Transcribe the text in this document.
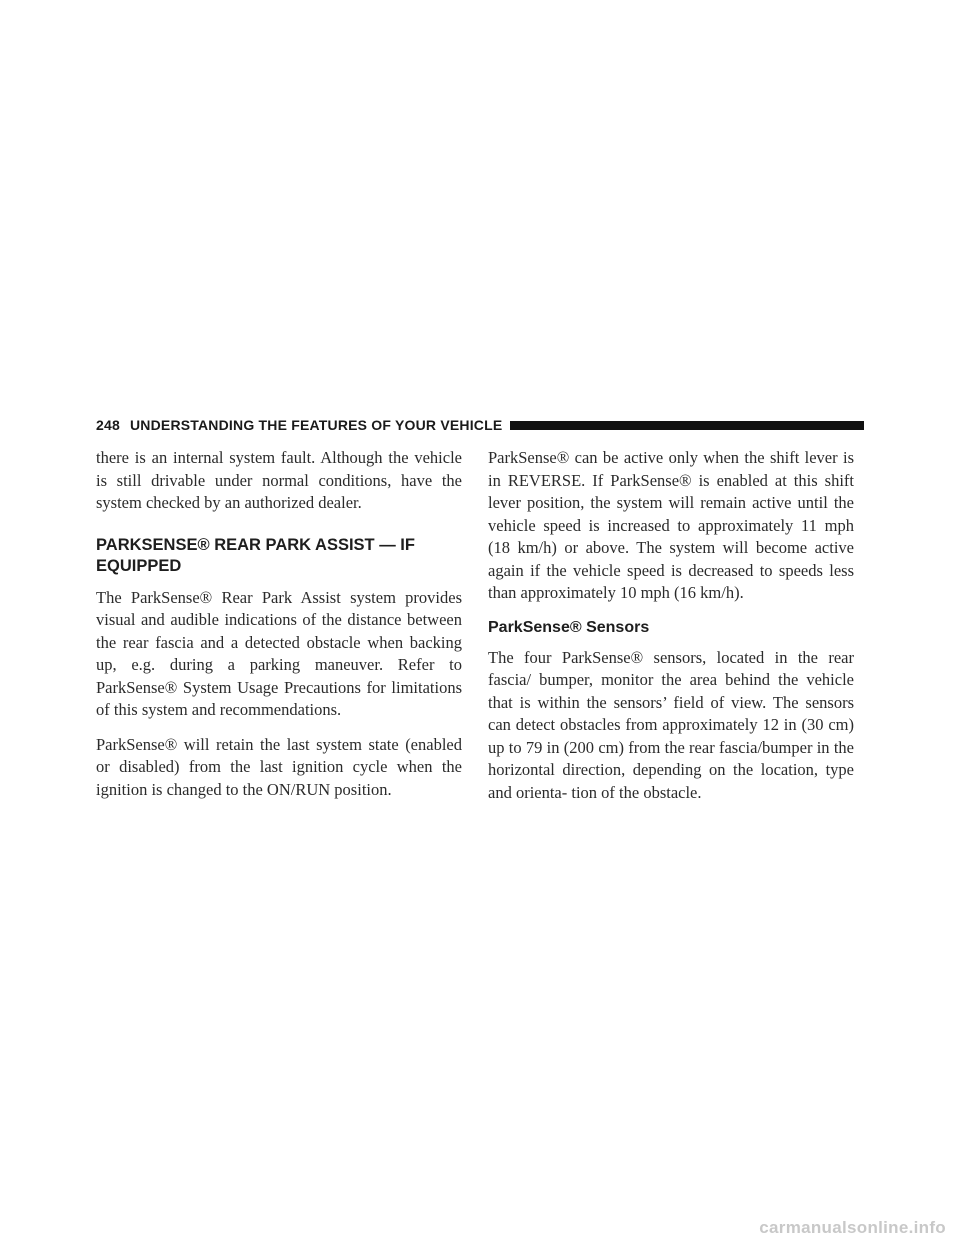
248 UNDERSTANDING THE FEATURES OF YOUR VEHICLE

there is an internal system fault. Although the vehicle is still drivable under normal conditions, have the system checked by an authorized dealer.

PARKSENSE® REAR PARK ASSIST — IF EQUIPPED

The ParkSense® Rear Park Assist system provides visual and audible indications of the distance between the rear fascia and a detected obstacle when backing up, e.g. during a parking maneuver. Refer to ParkSense® System Usage Precautions for limitations of this system and recommendations.

ParkSense® will retain the last system state (enabled or disabled) from the last ignition cycle when the ignition is changed to the ON/RUN position.

ParkSense® can be active only when the shift lever is in REVERSE. If ParkSense® is enabled at this shift lever position, the system will remain active until the vehicle speed is increased to approximately 11 mph (18 km/h) or above. The system will become active again if the vehicle speed is decreased to speeds less than approximately 10 mph (16 km/h).

ParkSense® Sensors

The four ParkSense® sensors, located in the rear fascia/ bumper, monitor the area behind the vehicle that is within the sensors’ field of view. The sensors can detect obstacles from approximately 12 in (30 cm) up to 79 in (200 cm) from the rear fascia/bumper in the horizontal direction, depending on the location, type and orienta- tion of the obstacle.

carmanualsonline.info
